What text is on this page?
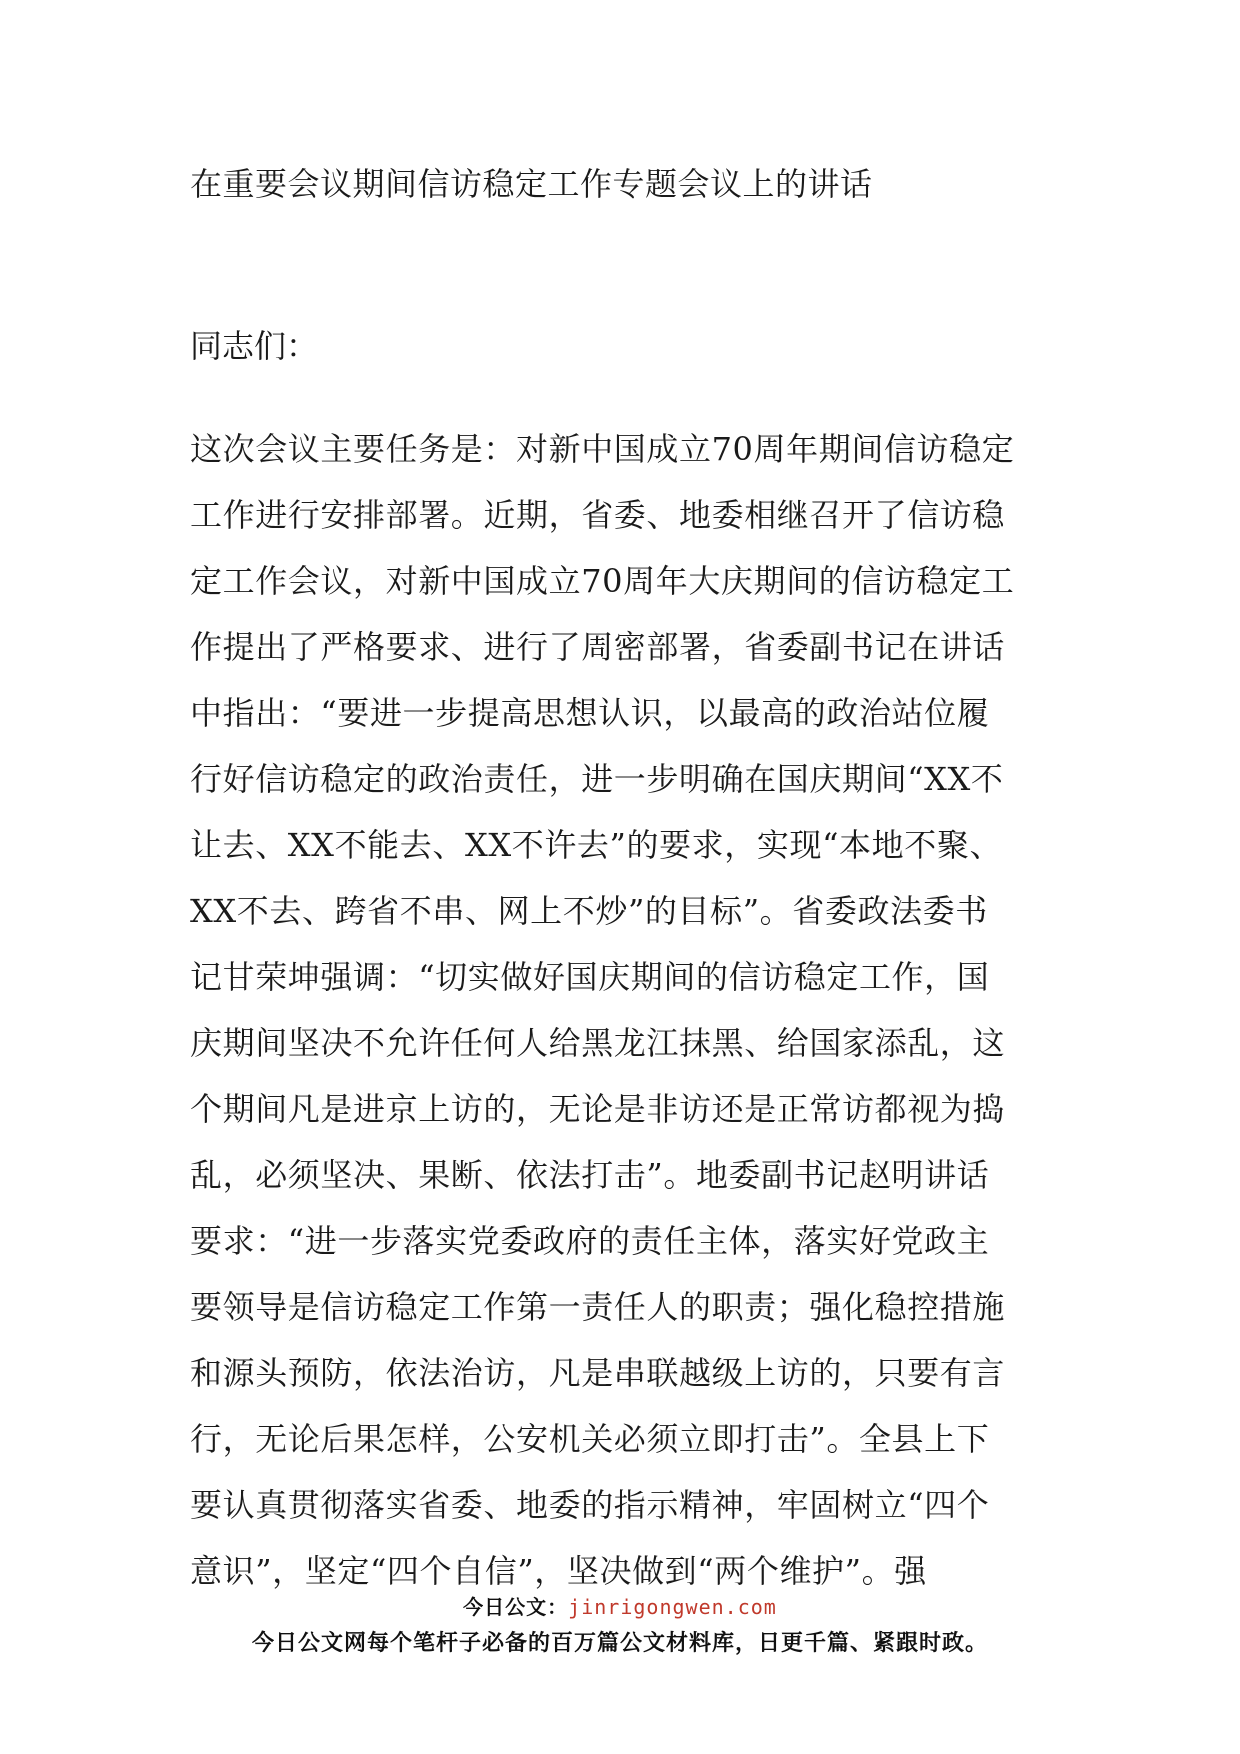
在重要会议期间信访稳定工作专题会议上的讲话
同志们：
这次会议主要任务是：对新中国成立70周年期间信访稳定
工作进行安排部署。近期，省委、地委相继召开了信访稳
定工作会议，对新中国成立70周年大庆期间的信访稳定工
作提出了严格要求、进行了周密部署，省委副书记在讲话
中指出：“要进一步提高思想认识，以最高的政治站位履
行好信访稳定的政治责任，进一步明确在国庆期间“XX不
让去、XX不能去、XX不许去”的要求，实现“本地不聚、
XX不去、跨省不串、网上不炒”的目标”。省委政法委书
记甘荣坤强调：“切实做好国庆期间的信访稳定工作，国
庆期间坚决不允许任何人给黑龙江抹黑、给国家添乱，这
个期间凡是进京上访的，无论是非访还是正常访都视为捣
乱，必须坚决、果断、依法打击”。地委副书记赵明讲话
要求：“进一步落实党委政府的责任主体，落实好党政主
要领导是信访稳定工作第一责任人的职责；强化稳控措施
和源头预防，依法治访，凡是串联越级上访的，只要有言
行，无论后果怎样，公安机关必须立即打击”。全县上下
要认真贯彻落实省委、地委的指示精神，牢固树立“四个
意识”，坚定“四个自信”，坚决做到“两个维护”。强
今日公文：jinrigongwen.com
今日公文网每个笔杆子必备的百万篇公文材料库，日更千篇、紧跟时政。
